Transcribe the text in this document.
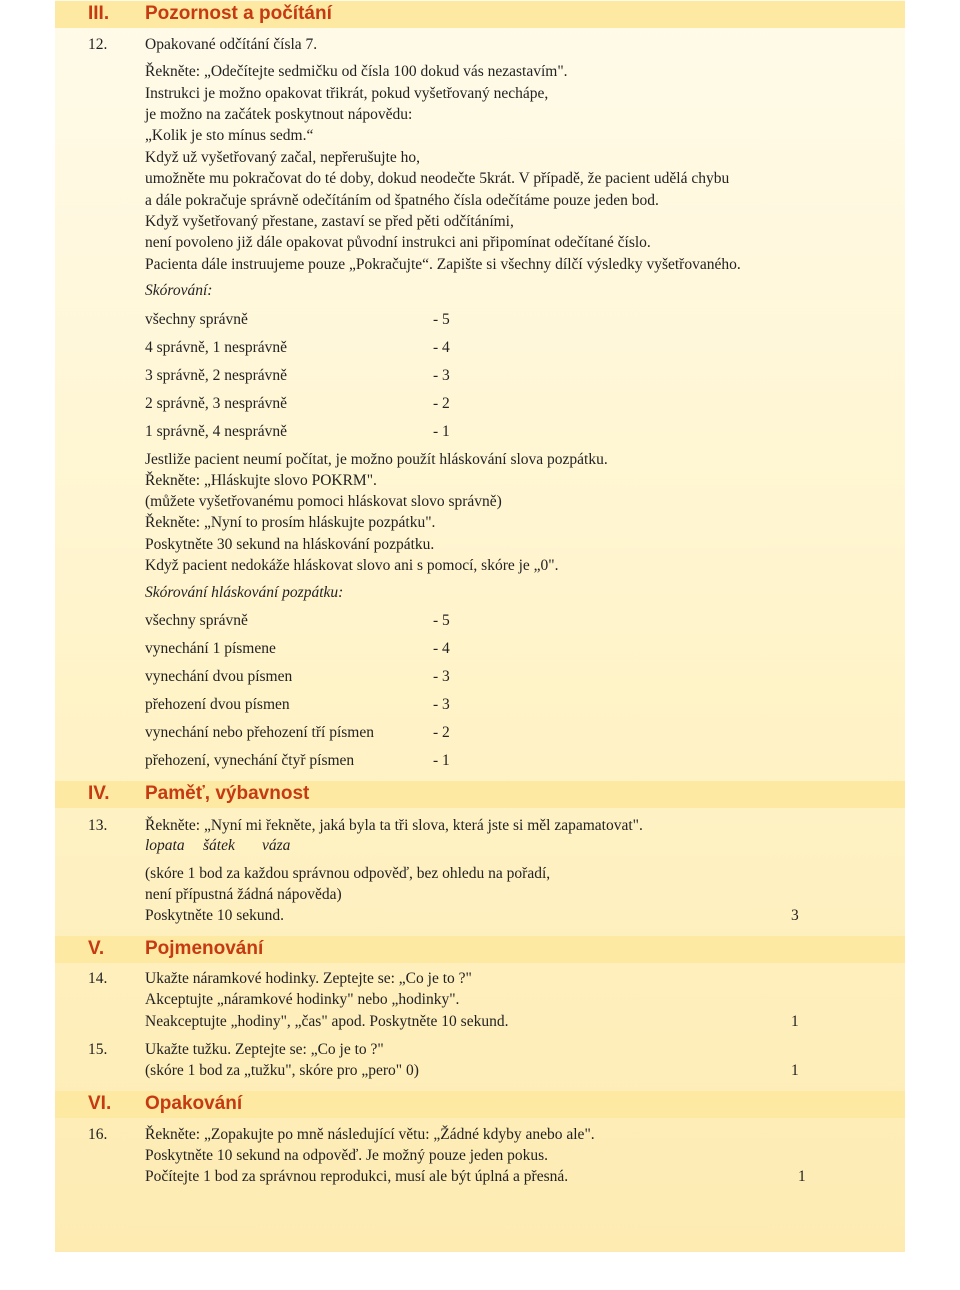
III. Pozornost a počítání
12. Opakované odčítání čísla 7.
Řekněte: „Odečítejte sedmičku od čísla 100 dokud vás nezastavím".
Instrukci je možno opakovat třikrát, pokud vyšetřovaný nechápe,
je možno na začátek poskytnout nápovědu:
„Kolik je sto mínus sedm.“
Když už vyšetřovaný začal, nepřerušujte ho,
umožněte mu pokračovat do té doby, dokud neodečte 5krát. V případě, že pacient udělá chybu
a dále pokračuje správně odečítáním od špatného čísla odečítáme pouze jeden bod.
Když vyšetřovaný přestane, zastaví se před pěti odčítáními,
není povoleno již dále opakovat původní instrukci ani připomínat odečítané číslo.
Pacienta dále instruujeme pouze „Pokračujte“. Zapište si všechny dílčí výsledky vyšetřovaného.
Skórování:
všechny správně	- 5
4 správně, 1 nesprávně	- 4
3 správně, 2 nesprávně	- 3
2 správně, 3 nesprávně	- 2
1 správně, 4 nesprávně	- 1
Jestliže pacient neumí počítat, je možno použít hláskování slova pozpátku.
Řekněte: „Hláskujte slovo POKRM".
(můžete vyšetřovanému pomoci hláskovat slovo správně)
Řekněte: „Nyní to prosím hláskujte pozpátku".
Poskytněte 30 sekund na hláskování pozpátku.
Když pacient nedokáže hláskovat slovo ani s pomocí, skóre je „0".
Skórování hláskování pozpátku:
všechny správně	- 5
vynechání 1 písmene	- 4
vynechání dvou písmen	- 3
přehození dvou písmen	- 3
vynechání nebo přehození tří písmen	- 2
přehození, vynechání čtyř písmen	- 1
IV. Paměť, výbavnost
13. Řekněte: „Nyní mi řekněte, jaká byla ta tři slova, která jste si měl zapamatovat".
lopata šátek váza
(skóre 1 bod za každou správnou odpověď, bez ohledu na pořadí,
není přípustná žádná nápověda)
Poskytněte 10 sekund.	3
V. Pojmenování
14. Ukažte náramkové hodinky. Zeptejte se: „Co je to ?"
Akceptujte „náramkové hodinky" nebo „hodinky".
Neakceptujte „hodiny", „čas" apod. Poskytněte 10 sekund.	1
15. Ukažte tužku. Zeptejte se: „Co je to ?"
(skóre 1 bod za „tužku", skóre pro „pero" 0)	1
VI. Opakování
16. Řekněte: „Zopakujte po mně následující větu: „Žádné kdyby anebo ale".
Poskytněte 10 sekund na odpověď. Je možný pouze jeden pokus.
Počítejte 1 bod za správnou reprodukci, musí ale být úplná a přesná.	1
